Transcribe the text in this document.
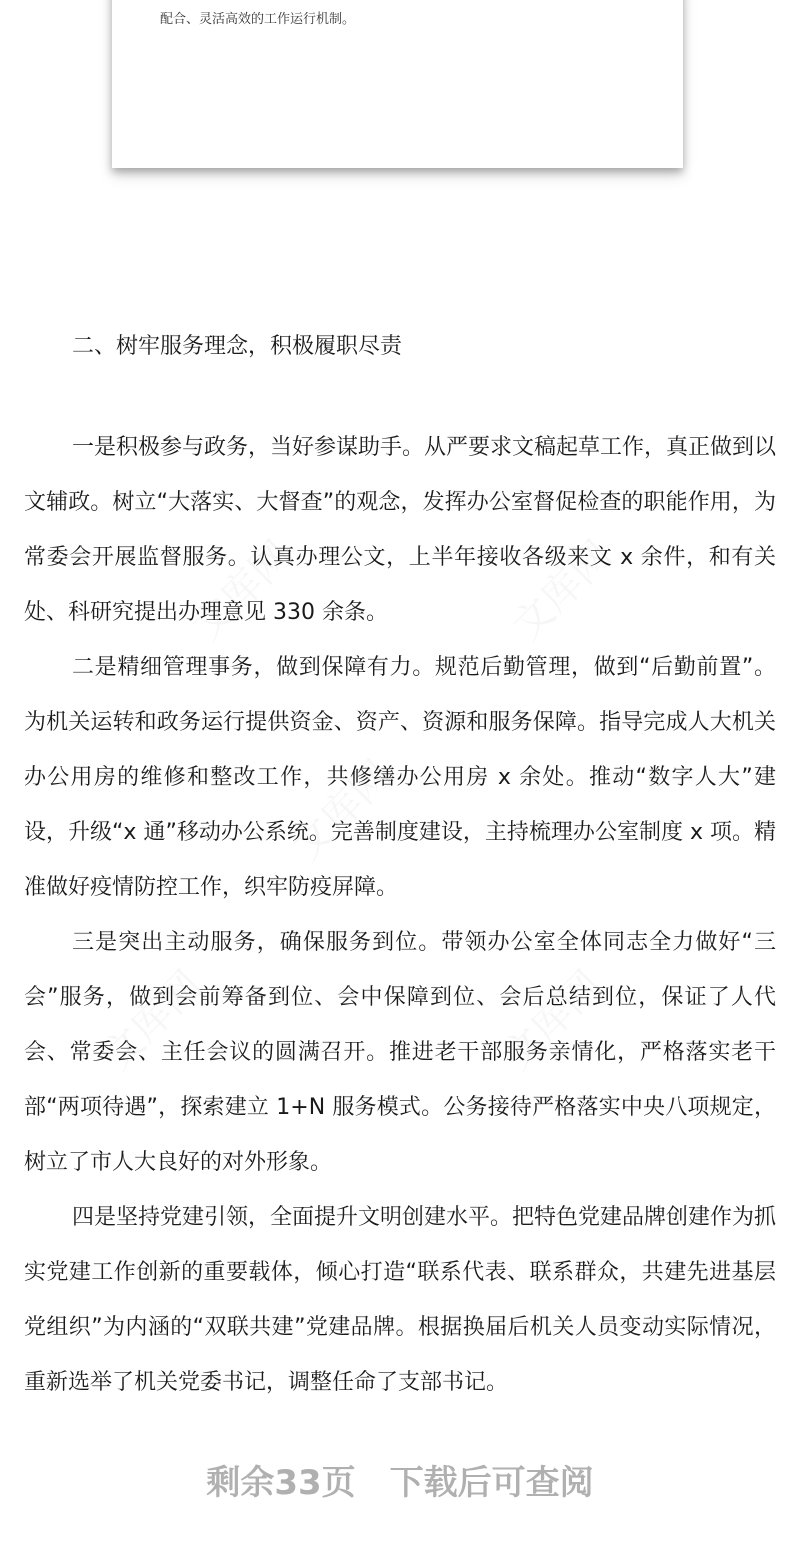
配合、灵活高效的工作运行机制。
二、树牢服务理念，积极履职尽责

一是积极参与政务，当好参谋助手。从严要求文稿起草工作，真正做到以文辅政。树立“大落实、大督查”的观念，发挥办公室督促检查的职能作用，为常委会开展监督服务。认真办理公文，上半年接收各级来文 x 余件，和有关处、科研究提出办理意见 330 余条。

二是精细管理事务，做到保障有力。规范后勤管理，做到“后勤前置”。为机关运转和政务运行提供资金、资产、资源和服务保障。指导完成人大机关办公用房的维修和整改工作，共修缮办公用房 x 余处。推动“数字人大”建设，升级“x 通”移动办公系统。完善制度建设，主持梳理办公室制度 x 项。精准做好疫情防控工作，织牢防疫屏障。

三是突出主动服务，确保服务到位。带领办公室全体同志全力做好“三会”服务，做到会前筹备到位、会中保障到位、会后总结到位，保证了人代会、常委会、主任会议的圆满召开。推进老干部服务亲情化，严格落实老干部“两项待遇”，探索建立 1+N 服务模式。公务接待严格落实中央八项规定，树立了市人大良好的对外形象。

四是坚持党建引领，全面提升文明创建水平。把特色党建品牌创建作为抓实党建工作创新的重要载体，倾心打造“联系代表、联系群众，共建先进基层党组织”为内涵的“双联共建”党建品牌。根据换届后机关人员变动实际情况，重新选举了机关党委书记，调整任命了支部书记。

剩余33页 下载后可查阅
